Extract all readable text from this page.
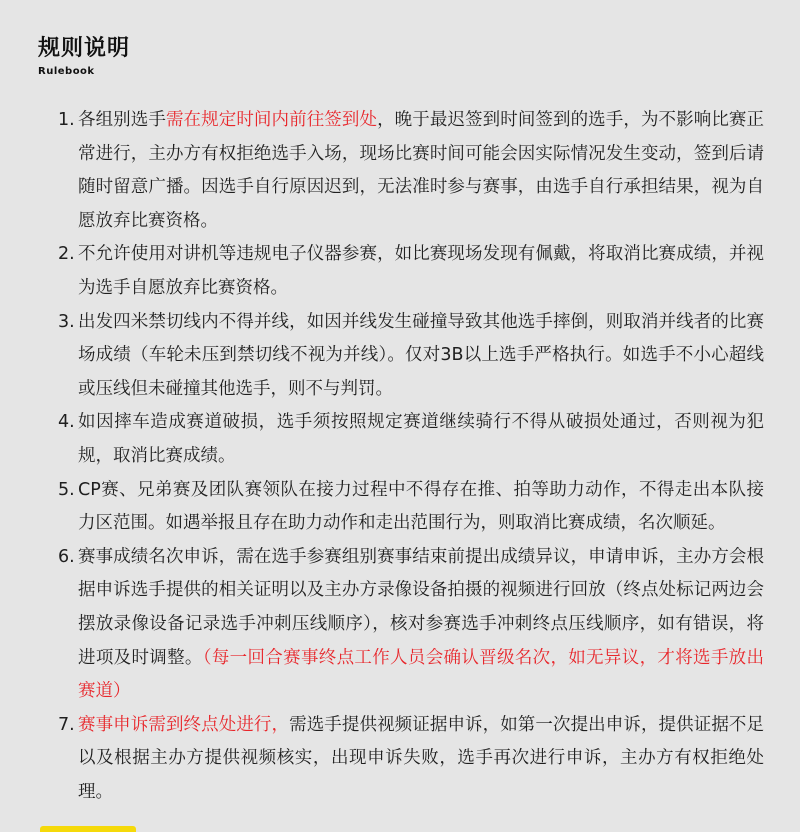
规则说明
Rulebook
1. 各组别选手需在规定时间内前往签到处，晚于最迟签到时间签到的选手，为不影响比赛正常进行，主办方有权拒绝选手入场，现场比赛时间可能会因实际情况发生变动，签到后请随时留意广播。因选手自行原因迟到，无法准时参与赛事，由选手自行承担结果，视为自愿放弃比赛资格。
2. 不允许使用对讲机等违规电子仪器参赛，如比赛现场发现有佩戴，将取消比赛成绩，并视为选手自愿放弃比赛资格。
3. 出发四米禁切线内不得并线，如因并线发生碰撞导致其他选手摔倒，则取消并线者的比赛场成绩（车轮未压到禁切线不视为并线）。仅对3B以上选手严格执行。如选手不小心超线或压线但未碰撞其他选手，则不与判罚。
4. 如因摔车造成赛道破损，选手须按照规定赛道继续骑行不得从破损处通过，否则视为犯规，取消比赛成绩。
5. CP赛、兄弟赛及团队赛领队在接力过程中不得存在推、拍等助力动作，不得走出本队接力区范围。如遇举报且存在助力动作和走出范围行为，则取消比赛成绩，名次顺延。
6. 赛事成绩名次申诉，需在选手参赛组别赛事结束前提出成绩异议，申请申诉，主办方会根据申诉选手提供的相关证明以及主办方录像设备拍摄的视频进行回放（终点处标记两边会摆放录像设备记录选手冲刺压线顺序），核对参赛选手冲刺终点压线顺序，如有错误，将进项及时调整。（每一回合赛事终点工作人员会确认晋级名次，如无异议，才将选手放出赛道）
7. 赛事申诉需到终点处进行，需选手提供视频证据申诉，如第一次提出申诉，提供证据不足以及根据主办方提供视频核实，出现申诉失败，选手再次进行申诉，主办方有权拒绝处理。
